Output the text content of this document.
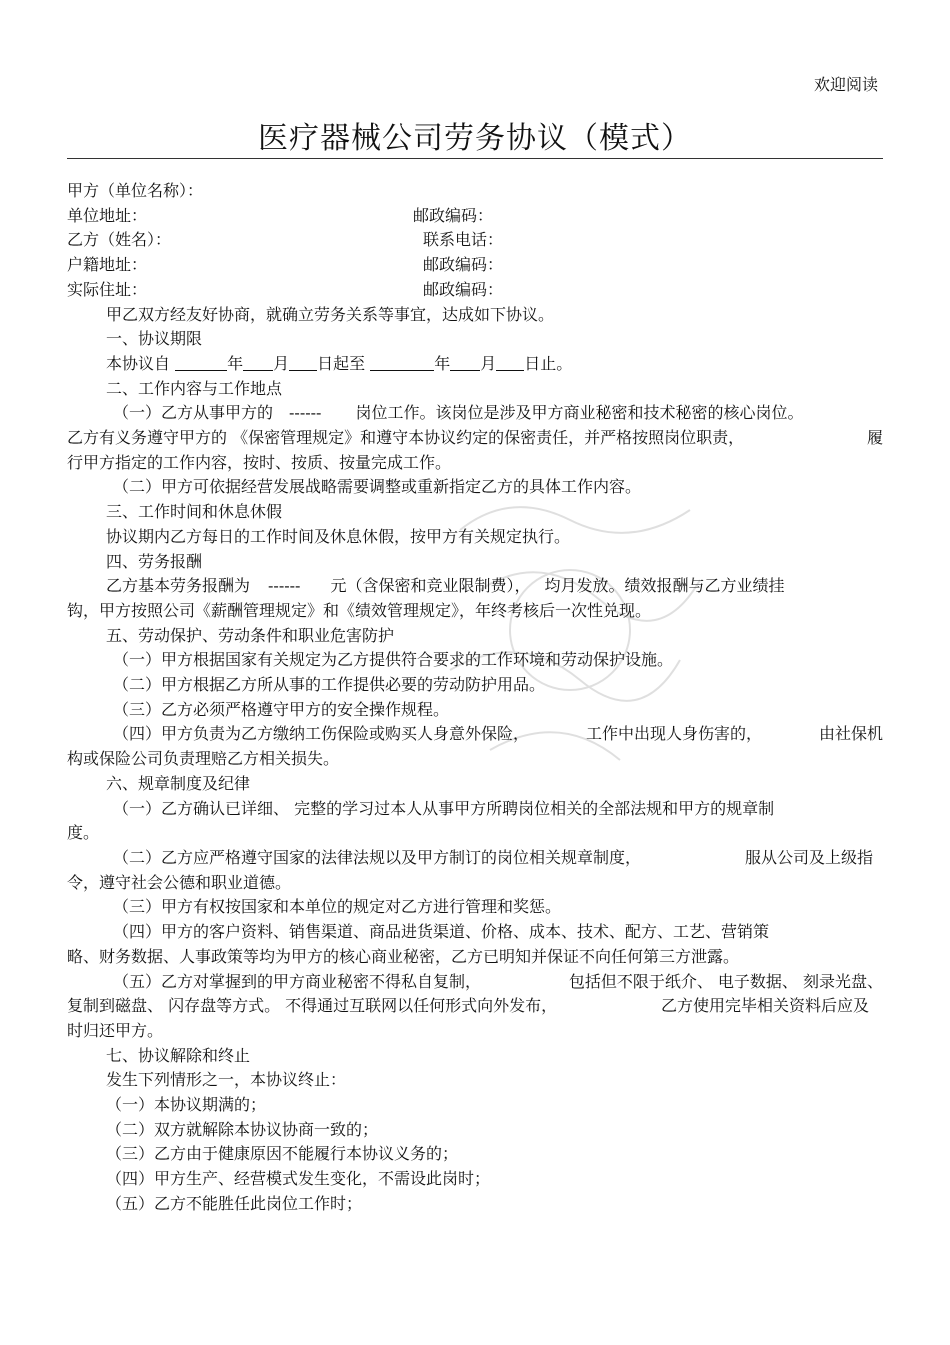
欢迎阅读
医疗器械公司劳务协议（模式）
甲方（单位名称）：
单位地址：	邮政编码：
乙方（姓名）：	联系电话：
户籍地址：	邮政编码：
实际住址：	邮政编码：
甲乙双方经友好协商，就确立劳务关系等事宜，达成如下协议。
一、协议期限
本协议自	年 月 日起至	年 月 日止。
二、工作内容与工作地点
（一）乙方从事甲方的 ------ 岗位工作。该岗位是涉及甲方商业秘密和技术秘密的核心岗位。
乙方有义务遵守甲方的 《保密管理规定》和遵守本协议约定的保密责任，并严格按照岗位职责，	履
行甲方指定的工作内容，按时、按质、按量完成工作。
（二）甲方可依据经营发展战略需要调整或重新指定乙方的具体工作内容。
三、工作时间和休息休假
协议期内乙方每日的工作时间及休息休假，按甲方有关规定执行。
四、劳务报酬
乙方基本劳务报酬为 ------ 元（含保密和竞业限制费）， 均月发放。绩效报酬与乙方业绩挂
钩，甲方按照公司《薪酬管理规定》和《绩效管理规定》，年终考核后一次性兑现。
五、劳动保护、劳动条件和职业危害防护
（一）甲方根据国家有关规定为乙方提供符合要求的工作环境和劳动保护设施。
（二）甲方根据乙方所从事的工作提供必要的劳动防护用品。
（三）乙方必须严格遵守甲方的安全操作规程。
（四）甲方负责为乙方缴纳工伤保险或购买人身意外保险，	工作中出现人身伤害的，	由社保机
构或保险公司负责理赔乙方相关损失。
六、规章制度及纪律
（一）乙方确认已详细、 完整的学习过本人从事甲方所聘岗位相关的全部法规和甲方的规章制
度。
（二）乙方应严格遵守国家的法律法规以及甲方制订的岗位相关规章制度，	服从公司及上级指
令，遵守社会公德和职业道德。
（三）甲方有权按国家和本单位的规定对乙方进行管理和奖惩。
（四）甲方的客户资料、销售渠道、商品进货渠道、价格、成本、技术、配方、工艺、营销策
略、财务数据、人事政策等均为甲方的核心商业秘密，乙方已明知并保证不向任何第三方泄露。
（五）乙方对掌握到的甲方商业秘密不得私自复制，	包括但不限于纸介、 电子数据、 刻录光盘、
复制到磁盘、 闪存盘等方式。 不得通过互联网以任何形式向外发布，	乙方使用完毕相关资料后应及
时归还甲方。
七、协议解除和终止
发生下列情形之一，本协议终止：
（一）本协议期满的；
（二）双方就解除本协议协商一致的；
（三）乙方由于健康原因不能履行本协议义务的；
（四）甲方生产、经营模式发生变化，不需设此岗时；
（五）乙方不能胜任此岗位工作时；
